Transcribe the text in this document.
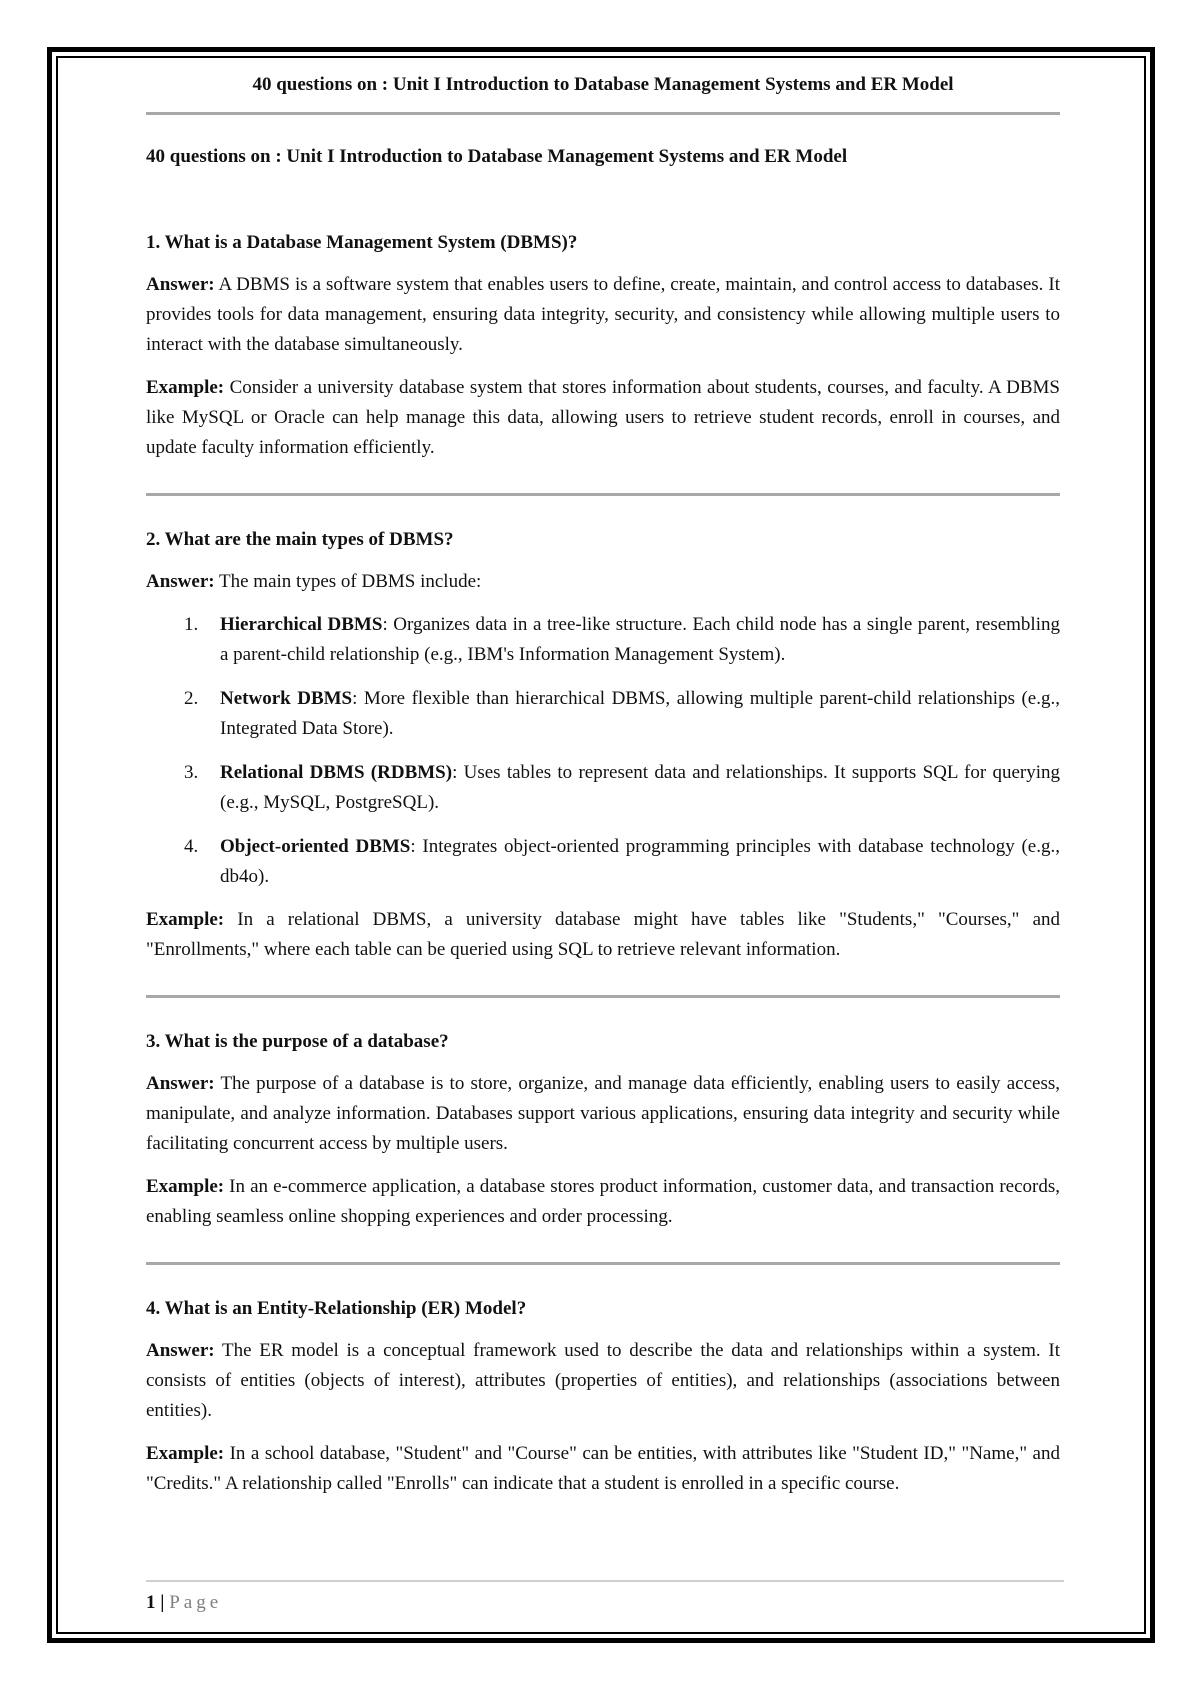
40 questions on : Unit I Introduction to Database Management Systems and ER Model
40 questions on : Unit I Introduction to Database Management Systems and ER Model
1. What is a Database Management System (DBMS)?

Answer: A DBMS is a software system that enables users to define, create, maintain, and control access to databases. It provides tools for data management, ensuring data integrity, security, and consistency while allowing multiple users to interact with the database simultaneously.

Example: Consider a university database system that stores information about students, courses, and faculty. A DBMS like MySQL or Oracle can help manage this data, allowing users to retrieve student records, enroll in courses, and update faculty information efficiently.

2. What are the main types of DBMS?

Answer: The main types of DBMS include:

1. Hierarchical DBMS: Organizes data in a tree-like structure. Each child node has a single parent, resembling a parent-child relationship (e.g., IBM's Information Management System).
2. Network DBMS: More flexible than hierarchical DBMS, allowing multiple parent-child relationships (e.g., Integrated Data Store).
3. Relational DBMS (RDBMS): Uses tables to represent data and relationships. It supports SQL for querying (e.g., MySQL, PostgreSQL).
4. Object-oriented DBMS: Integrates object-oriented programming principles with database technology (e.g., db4o).

Example: In a relational DBMS, a university database might have tables like "Students," "Courses," and "Enrollments," where each table can be queried using SQL to retrieve relevant information.

3. What is the purpose of a database?

Answer: The purpose of a database is to store, organize, and manage data efficiently, enabling users to easily access, manipulate, and analyze information. Databases support various applications, ensuring data integrity and security while facilitating concurrent access by multiple users.

Example: In an e-commerce application, a database stores product information, customer data, and transaction records, enabling seamless online shopping experiences and order processing.

4. What is an Entity-Relationship (ER) Model?

Answer: The ER model is a conceptual framework used to describe the data and relationships within a system. It consists of entities (objects of interest), attributes (properties of entities), and relationships (associations between entities).

Example: In a school database, "Student" and "Course" can be entities, with attributes like "Student ID," "Name," and "Credits." A relationship called "Enrolls" can indicate that a student is enrolled in a specific course.

1 | Page
